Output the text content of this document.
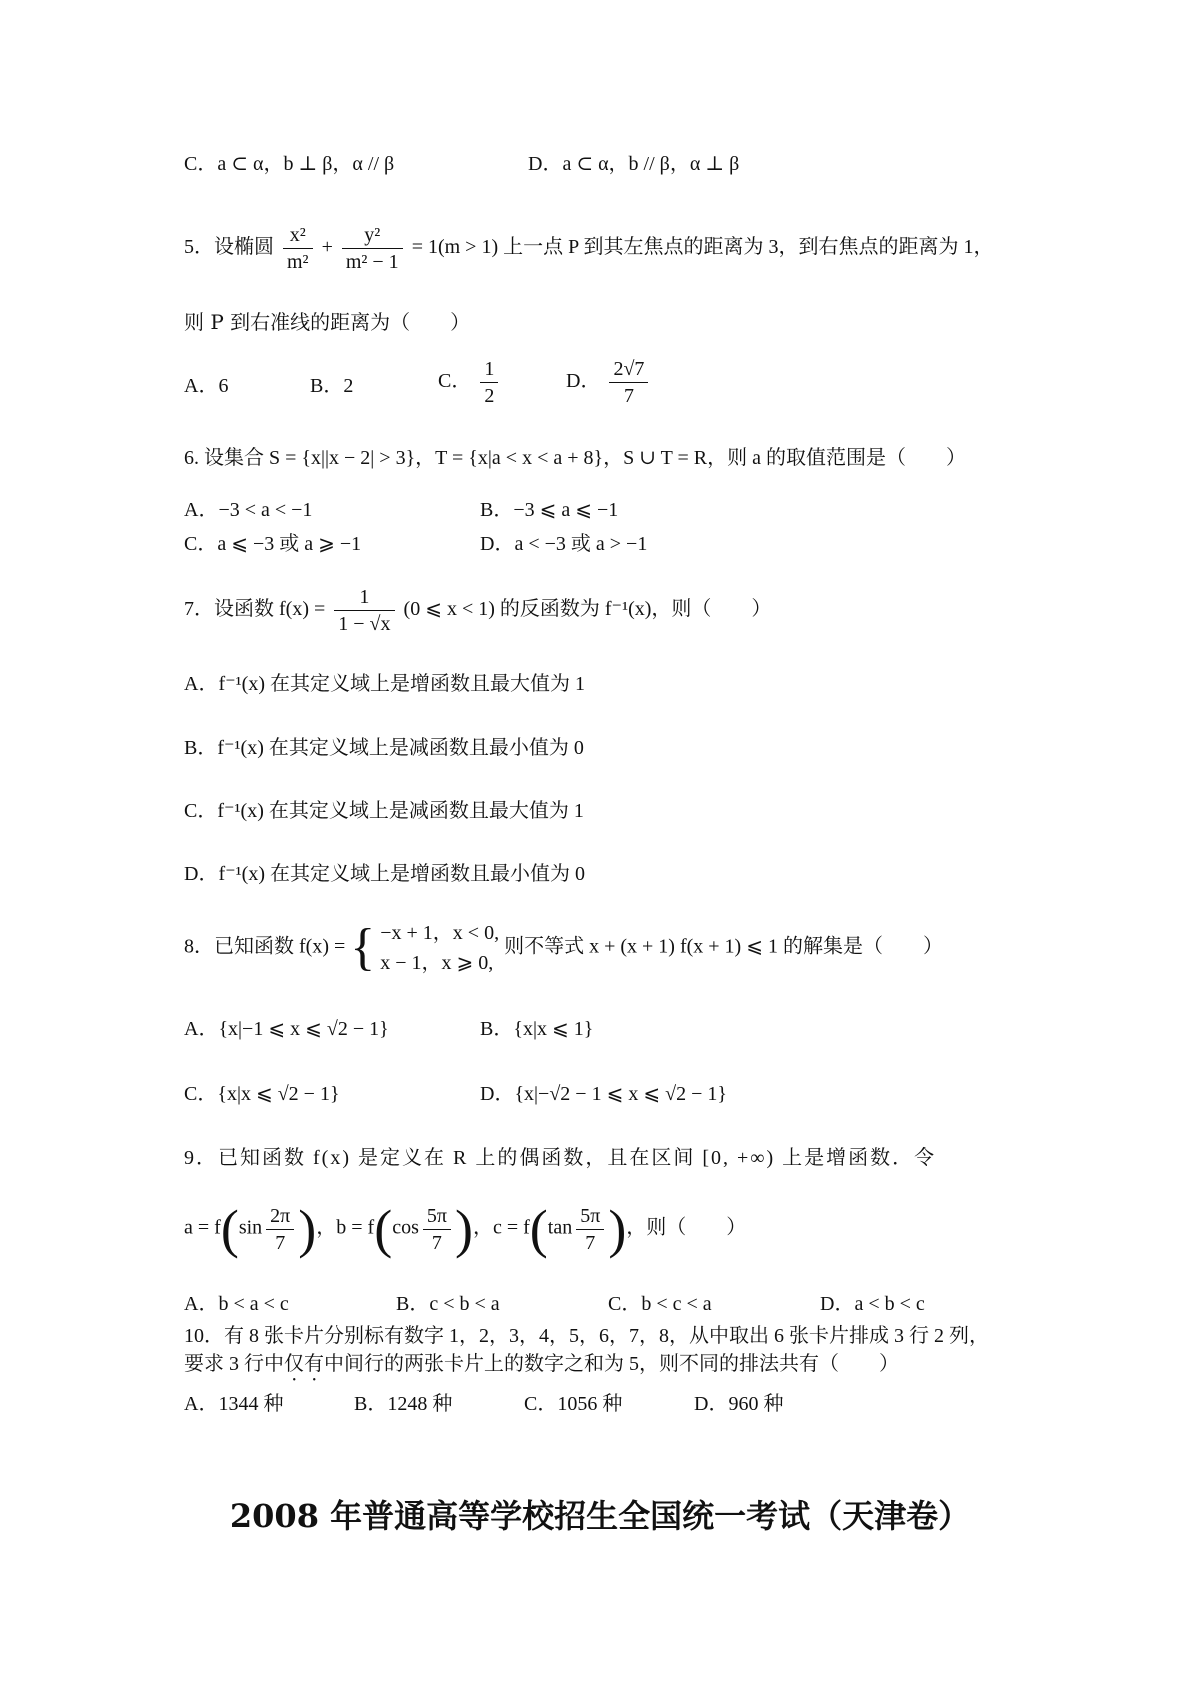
C．a ⊂ α，b ⊥ β，α // β	D．a ⊂ α，b // β，α ⊥ β
5．设椭圆 $\frac{\text{x²}}{\text{m²}} + \frac{\text{y²}}{\text{m² − 1}} = 1(m > 1)$ 上一点 P 到其左焦点的距离为 3，到右焦点的距离为 1，
则 P 到右准线的距离为（　　）
A．6	B．2	C． $\frac{1}{2}$	D． $\frac{2√7}{7}$
6. 设集合 S = {x||x − 2| > 3}，T = {x|a < x < a + 8}，S ∪ T = R，则 a 的取值范围是（　　）
A．−3 < a < −1	B．−3 ⩽ a ⩽ −1
C．a ⩽ −3 或 a ⩾ −1	D．a < −3 或 a > −1
7．设函数 $f(x) = \frac{1}{1 - √x} (0$ ⩽ x < 1) 的反函数为 f⁻¹(x)，则（　　）
A．f⁻¹(x) 在其定义域上是增函数且最大值为 1
B．f⁻¹(x) 在其定义域上是减函数且最小值为 0
C．f⁻¹(x) 在其定义域上是减函数且最大值为 1
D．f⁻¹(x) 在其定义域上是增函数且最小值为 0
8．已知函数 f(x) = { −x + 1，x < 0,
x − 1，x ⩾ 0,
则不等式 x + (x + 1) f(x + 1) ⩽ 1 的解集是（　　）
A．{x|−1 ⩽ x ⩽ √2 − 1}	B．{x|x ⩽ 1}
C．{x|x ⩽ √2 − 1}	D．{x|−√2 − 1 ⩽ x ⩽ √2 − 1}
9．已知函数 f(x) 是定义在 R 上的偶函数，且在区间 [0, +∞) 上是增函数．令
$a = f(\sin \frac{2\pi}{7}$ )，$b = f(\cos \frac{5\pi}{7}$ )，$c = f(\tan \frac{5\pi}{7}$ )，则（　　）
A．b < a < c	B．c < b < a	C．b < c < a	D．a < b < c
10．有 8 张卡片分别标有数字 1，2，3，4，5，6，7，8，从中取出 6 张卡片排成 3 行 2 列，
要求 3 行中仅有中间行的两张卡片上的数字之和为 5，则不同的排法共有（　　）
A．1344 种	B．1248 种	C．1056 种	D．960 种
2008 年普通高等学校招生全国统一考试（天津卷）
